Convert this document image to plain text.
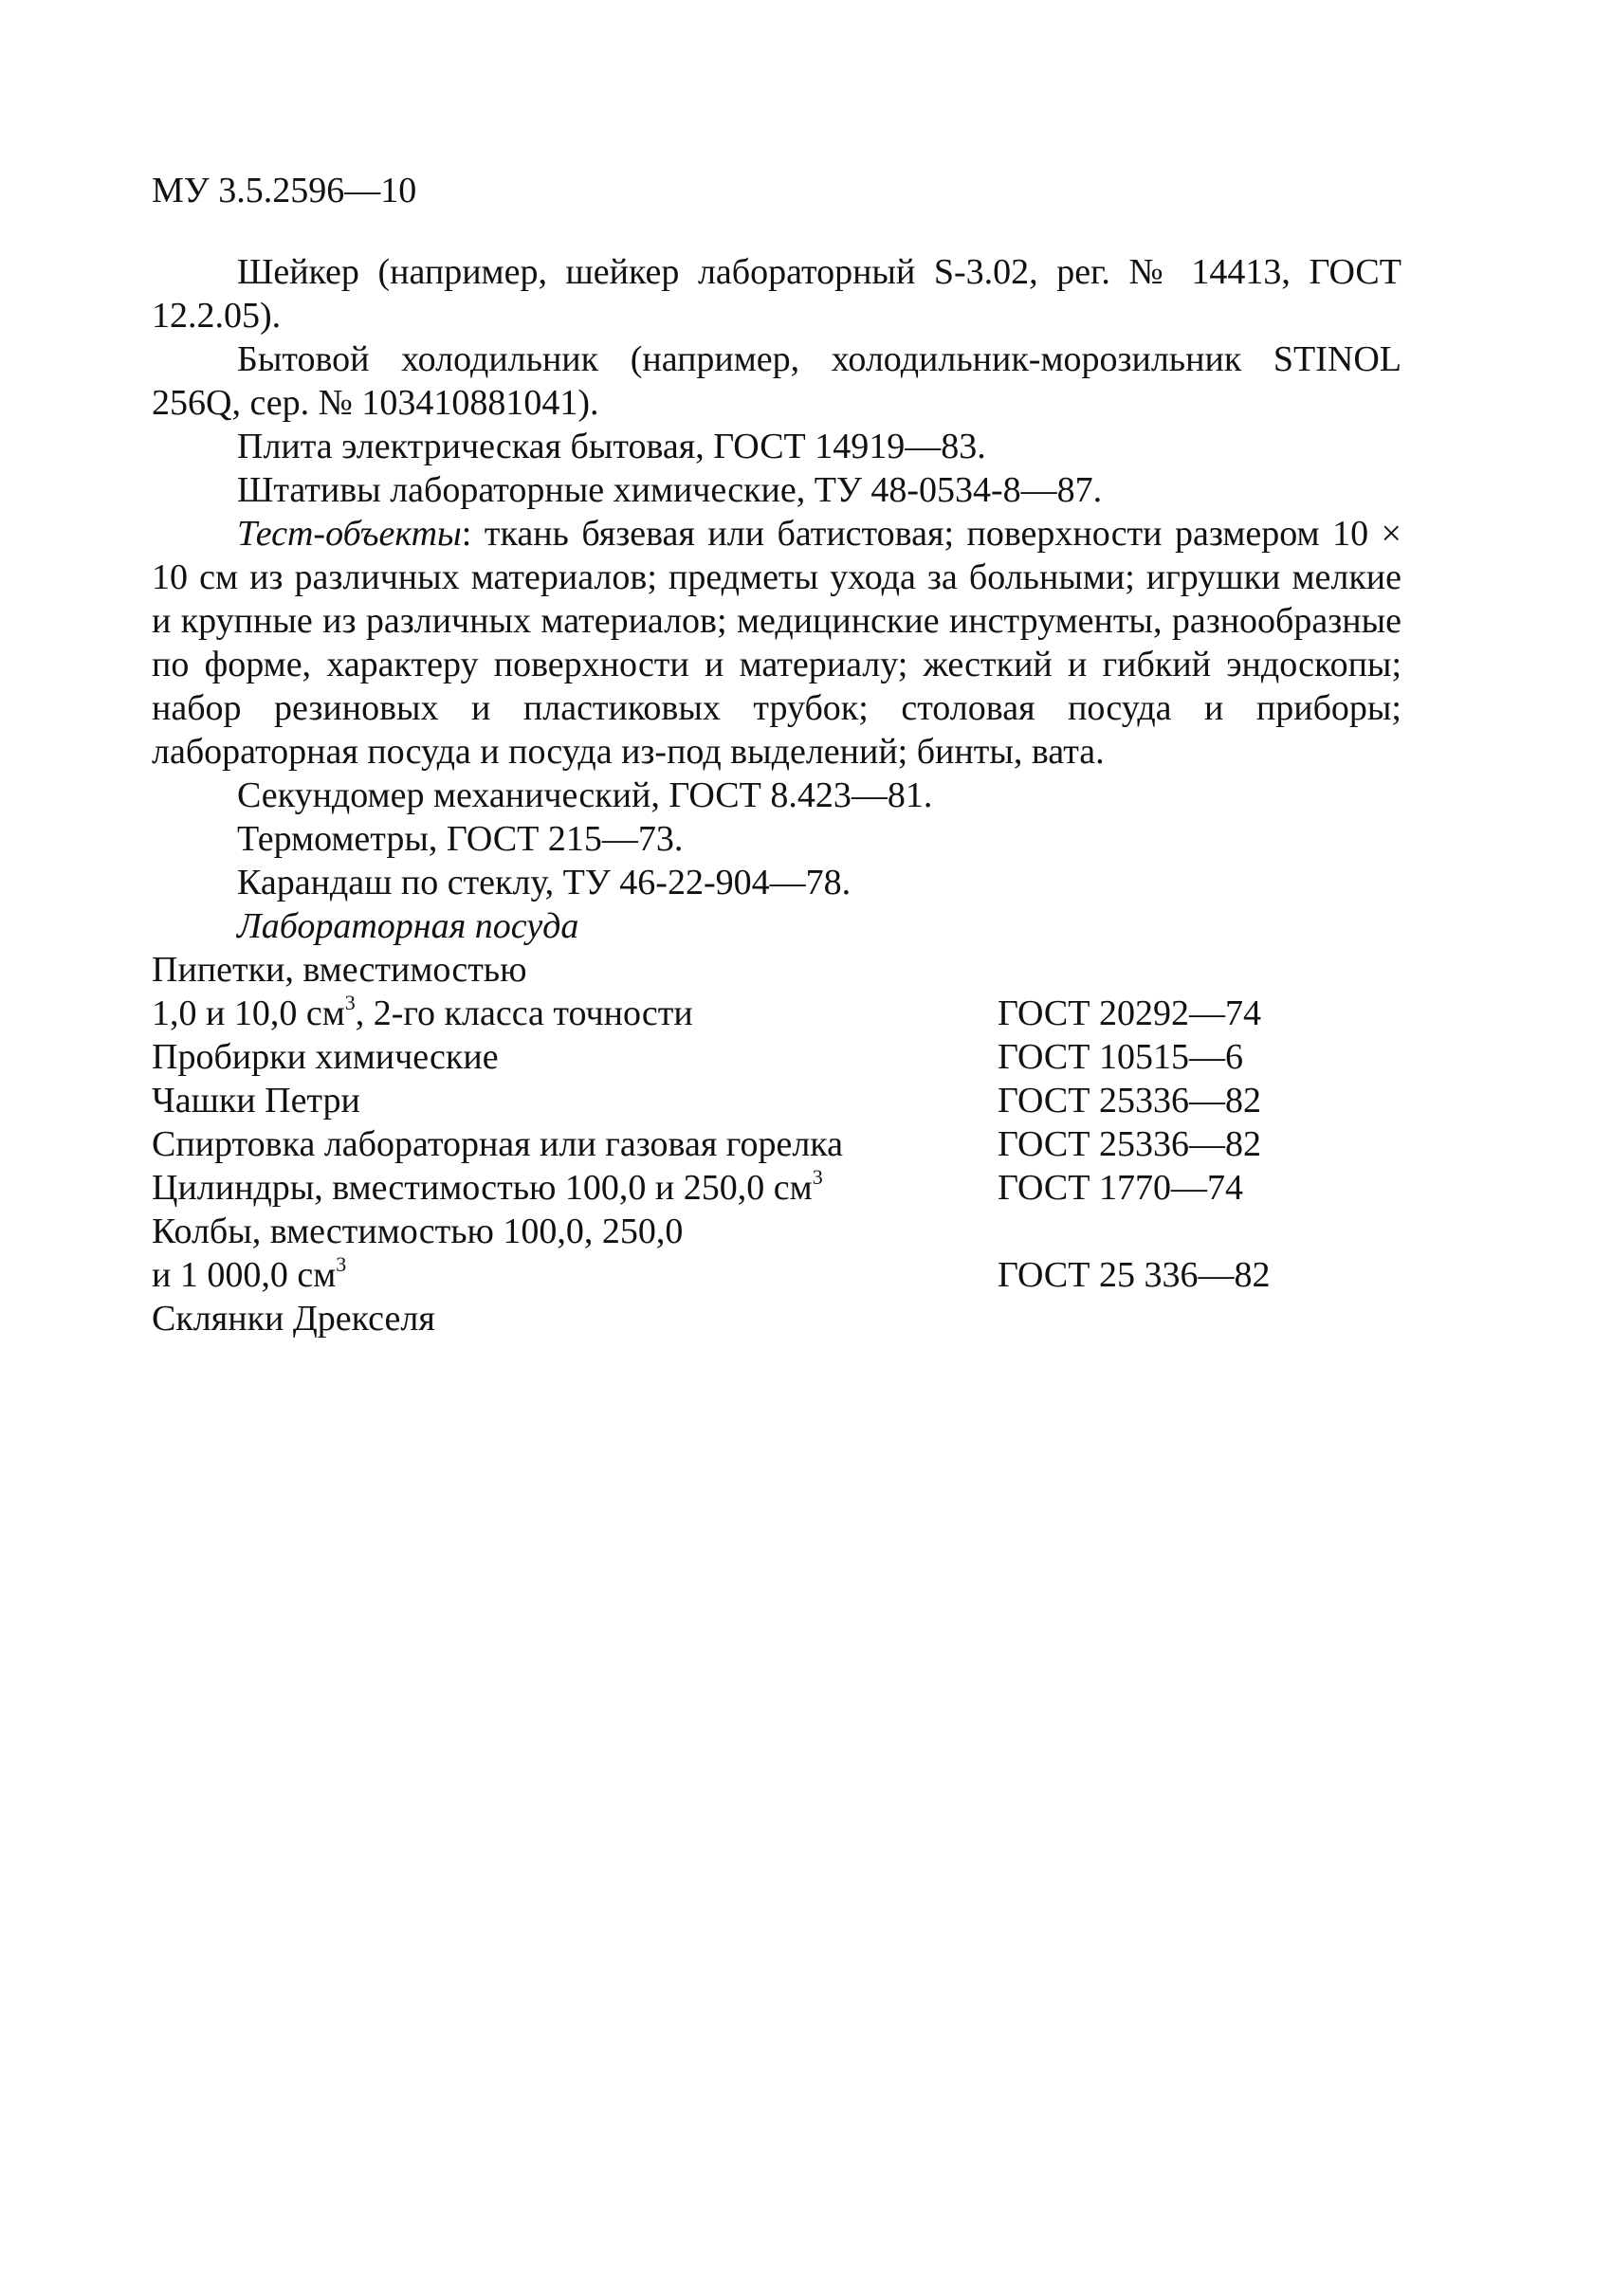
МУ 3.5.2596—10

Шейкер (например, шейкер лабораторный S-3.02, рег. № 14413, ГОСТ 12.2.05).

Бытовой холодильник (например, холодильник-морозильник STINOL 256Q, сер. № 103410881041).

Плита электрическая бытовая, ГОСТ 14919—83.

Штативы лабораторные химические, ТУ 48-0534-8—87.

Тест-объекты: ткань бязевая или батистовая; поверхности размером 10 × 10 см из различных материалов; предметы ухода за больными; игрушки мелкие и крупные из различных материалов; медицинские инструменты, разнообразные по форме, характеру поверхности и материалу; жесткий и гибкий эндоскопы; набор резиновых и пластиковых трубок; столовая посуда и приборы; лабораторная посуда и посуда из-под выделений; бинты, вата.

Секундомер механический, ГОСТ 8.423—81.

Термометры, ГОСТ 215—73.

Карандаш по стеклу, ТУ 46-22-904—78.

Лабораторная посуда

Пипетки, вместимостью
1,0 и 10,0 $см^3$, 2-го класса точности	ГОСТ 20292—74
Пробирки химические	ГОСТ 10515—6
Чашки Петри	ГОСТ 25336—82
Спиртовка лабораторная или газовая горелка	ГОСТ 25336—82
Цилиндры, вместимостью 100,0 и 250,0 $см^3$	ГОСТ 1770—74
Колбы, вместимостью 100,0, 250,0
и 1 000,0 $см^3$	ГОСТ 25 336—82
Склянки Дрекселя
